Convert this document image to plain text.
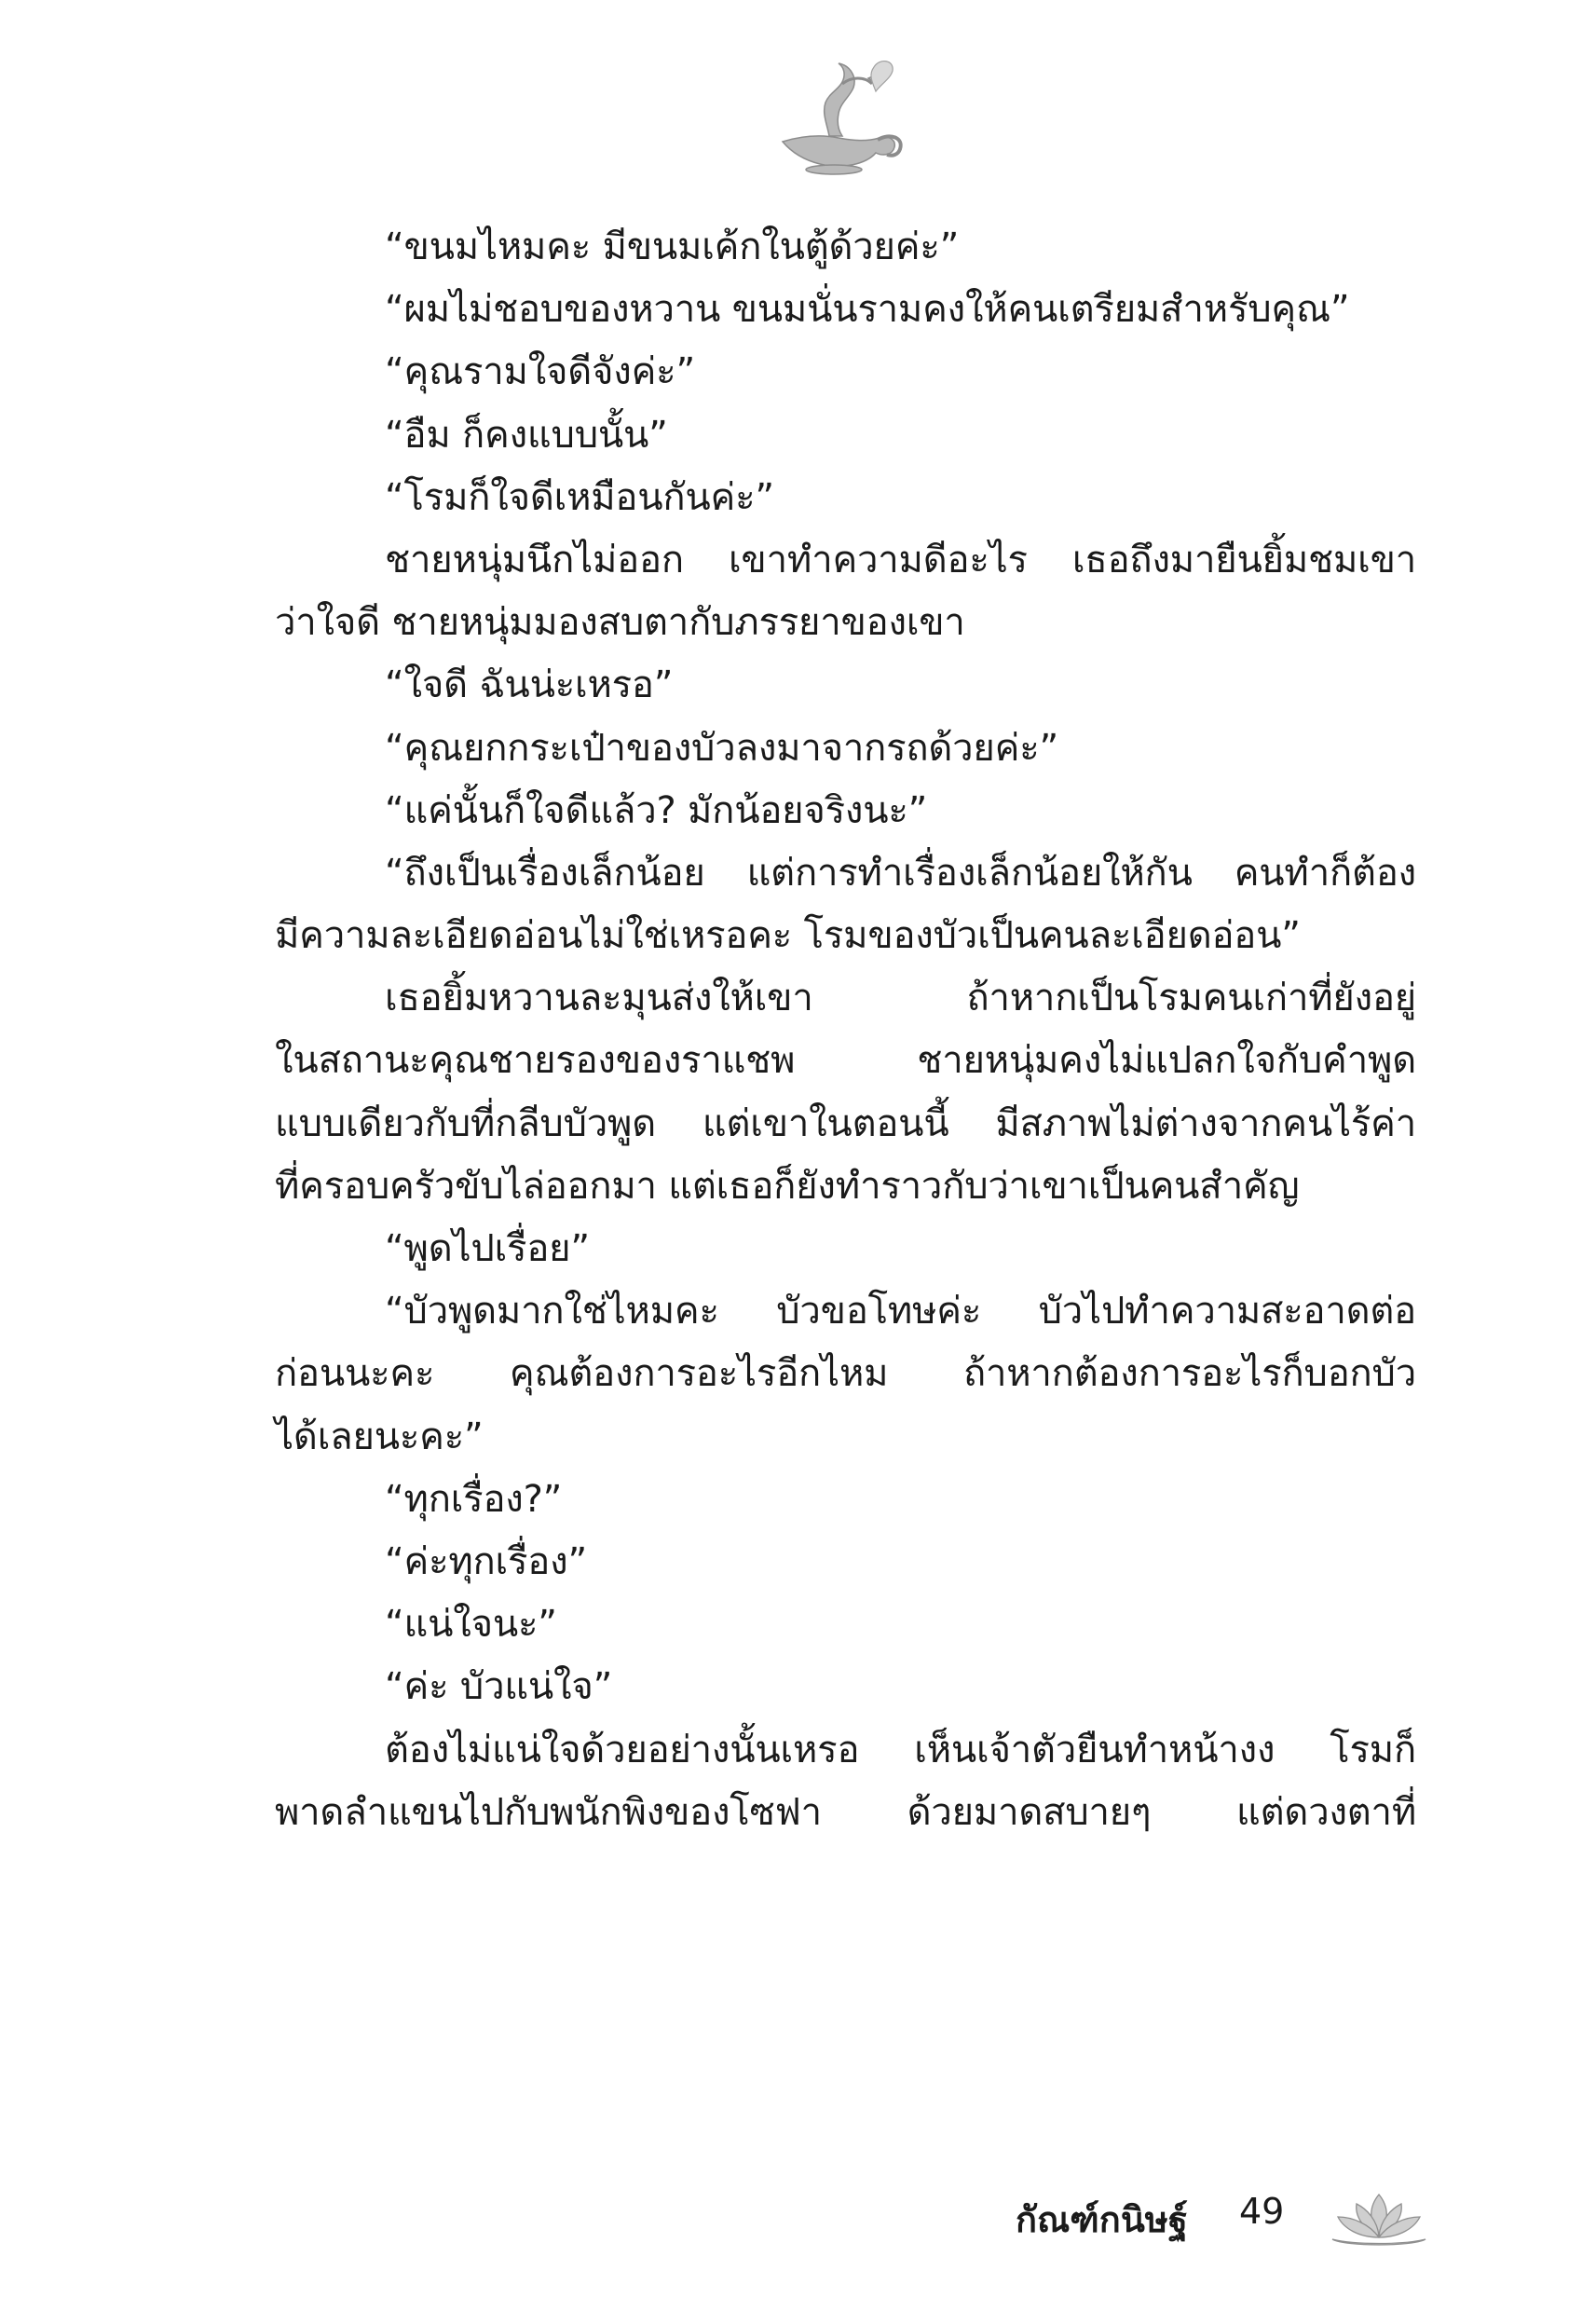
“ขนมไหมคะ มีขนมเค้กในตู้ด้วยค่ะ”
“ผมไม่ชอบของหวาน ขนมนั่นรามคงให้คนเตรียมสำหรับคุณ”
“คุณรามใจดีจังค่ะ”
“อืม ก็คงแบบนั้น”
“โรมก็ใจดีเหมือนกันค่ะ”
ชายหนุ่มนึกไม่ออก เขาทำความดีอะไร เธอถึงมายืนยิ้มชมเขา
ว่าใจดี ชายหนุ่มมองสบตากับภรรยาของเขา
“ใจดี ฉันน่ะเหรอ”
“คุณยกกระเป๋าของบัวลงมาจากรถด้วยค่ะ”
“แค่นั้นก็ใจดีแล้ว? มักน้อยจริงนะ”
“ถึงเป็นเรื่องเล็กน้อย แต่การทำเรื่องเล็กน้อยให้กัน คนทำก็ต้อง
มีความละเอียดอ่อนไม่ใช่เหรอคะ โรมของบัวเป็นคนละเอียดอ่อน”
เธอยิ้มหวานละมุนส่งให้เขา ถ้าหากเป็นโรมคนเก่าที่ยังอยู่
ในสถานะคุณชายรองของราแชพ ชายหนุ่มคงไม่แปลกใจกับคำพูด
แบบเดียวกับที่กลีบบัวพูด แต่เขาในตอนนี้ มีสภาพไม่ต่างจากคนไร้ค่า
ที่ครอบครัวขับไล่ออกมา แต่เธอก็ยังทำราวกับว่าเขาเป็นคนสำคัญ
“พูดไปเรื่อย”
“บัวพูดมากใช่ไหมคะ บัวขอโทษค่ะ บัวไปทำความสะอาดต่อ
ก่อนนะคะ คุณต้องการอะไรอีกไหม ถ้าหากต้องการอะไรก็บอกบัว
ได้เลยนะคะ”
“ทุกเรื่อง?”
“ค่ะทุกเรื่อง”
“แน่ใจนะ”
“ค่ะ บัวแน่ใจ”
ต้องไม่แน่ใจด้วยอย่างนั้นเหรอ เห็นเจ้าตัวยืนทำหน้างง โรมก็
พาดลำแขนไปกับพนักพิงของโซฟา ด้วยมาดสบายๆ แต่ดวงตาที่
กัณฑ์กนิษฐ์ 49
